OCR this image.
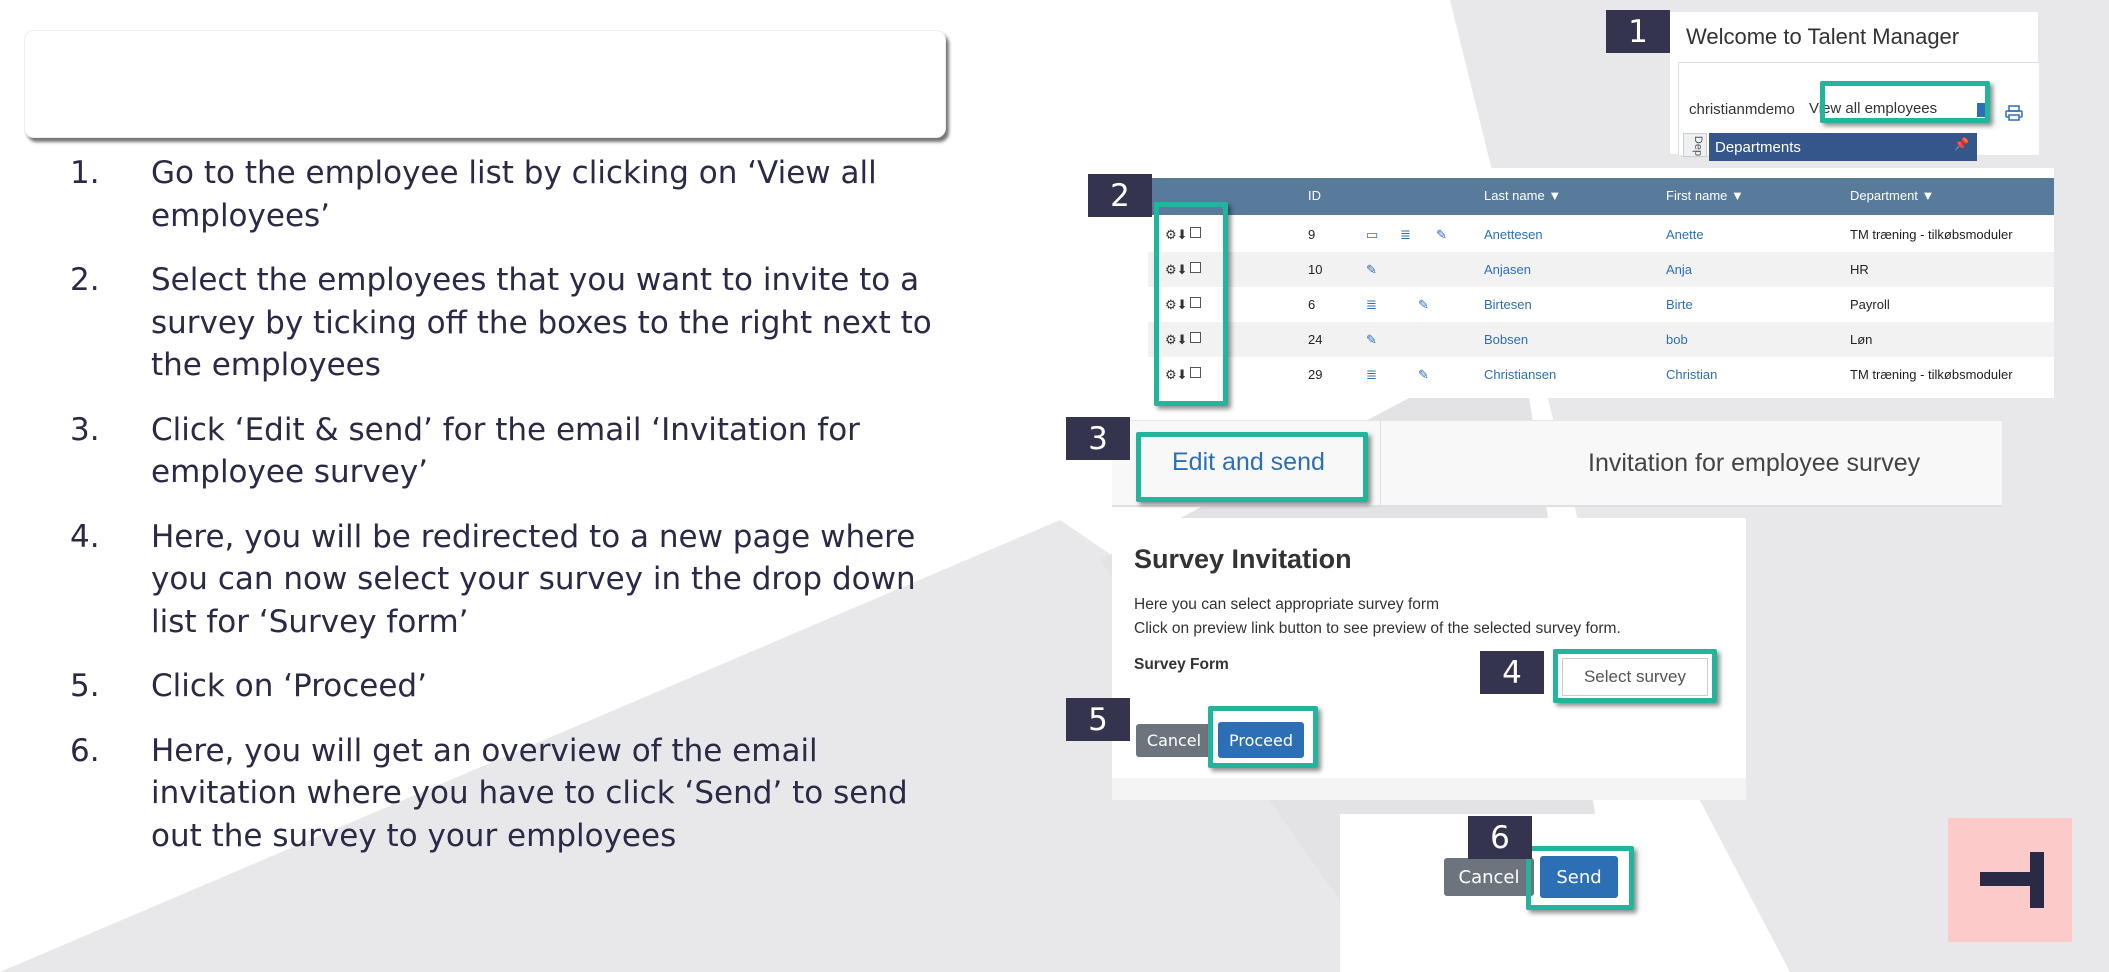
1. Go to the employee list by clicking on ‘View all employees’
2. Select the employees that you want to invite to a survey by ticking off the boxes to the right next to the employees
3. Click ‘Edit & send’ for the email ‘Invitation for employee survey’
4. Here, you will be redirected to a new page where you can now select your survey in the drop down list for ‘Survey form’
5. Click on ‘Proceed’
6. Here, you will get an overview of the email invitation where you have to click ‘Send’ to send out the survey to your employees
Welcome to Talent Manager
christianmdemo View all employees
Dep Departments	📌
1
ID	Last name ▼	First name ▼	Department ▼
⚙⬇	9	▭ ≣ ✎	Anettesen	Anette	TM træning - tilkøbsmoduler
⚙⬇	10	✎	Anjasen	Anja	HR
⚙⬇	6	≣	✎	Birtesen	Birte	Payroll
⚙⬇	24	✎	Bobsen	bob	Løn
⚙⬇	29	≣	✎	Christiansen	Christian	TM træning - tilkøbsmoduler
2
Edit and send	Invitation for employee survey
3
Survey Invitation
Here you can select appropriate survey form
Click on preview link button to see preview of the selected survey form.
Survey Form
Select survey
4
Cancel	Proceed
5
Cancel	Send
6
